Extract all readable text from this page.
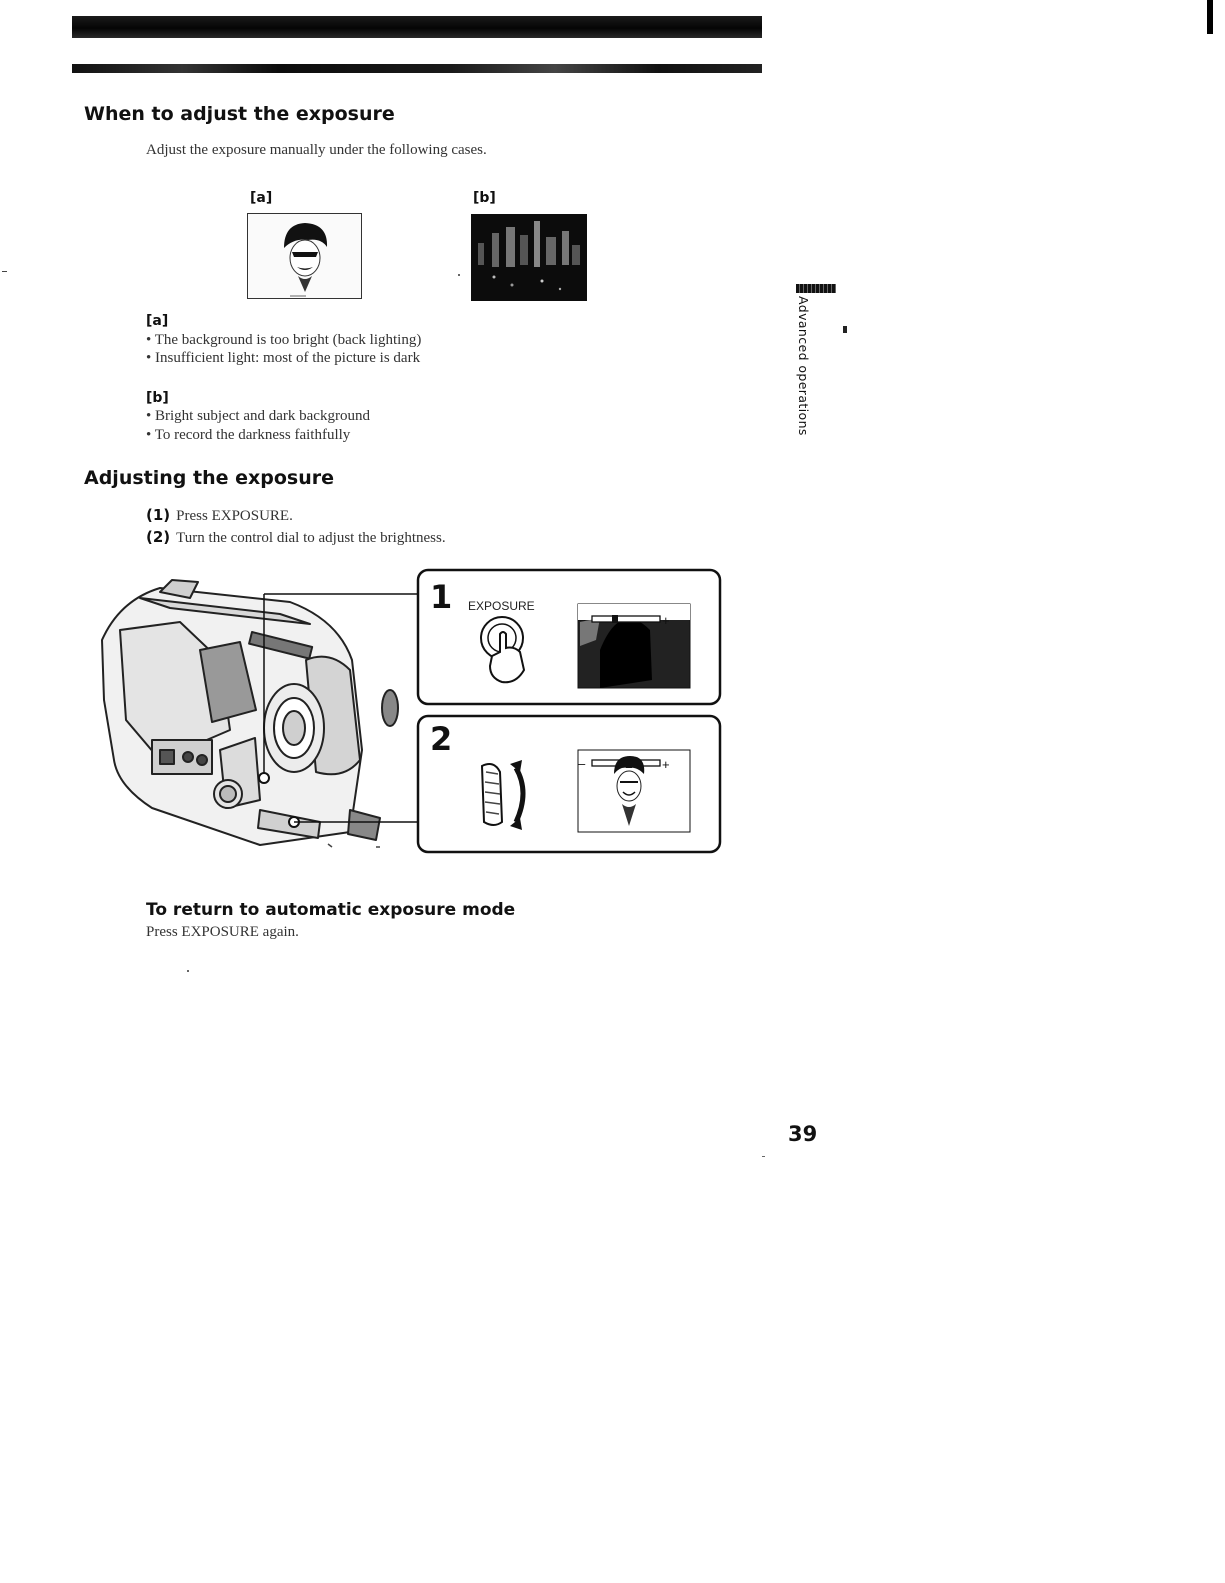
When to adjust the exposure

Adjust the exposure manually under the following cases.

[a]	[b]
[a]

• The background is too bright (back lighting)

• Insufficient light: most of the picture is dark

[b]

• Bright subject and dark background

• To record the darkness faithfully

Adjusting the exposure

(1) Press EXPOSURE.

(2) Turn the control dial to adjust the brightness.

1 EXPOSURE
–	+
2
–	+
Advanced operations
To return to automatic exposure mode

Press EXPOSURE again.

39
